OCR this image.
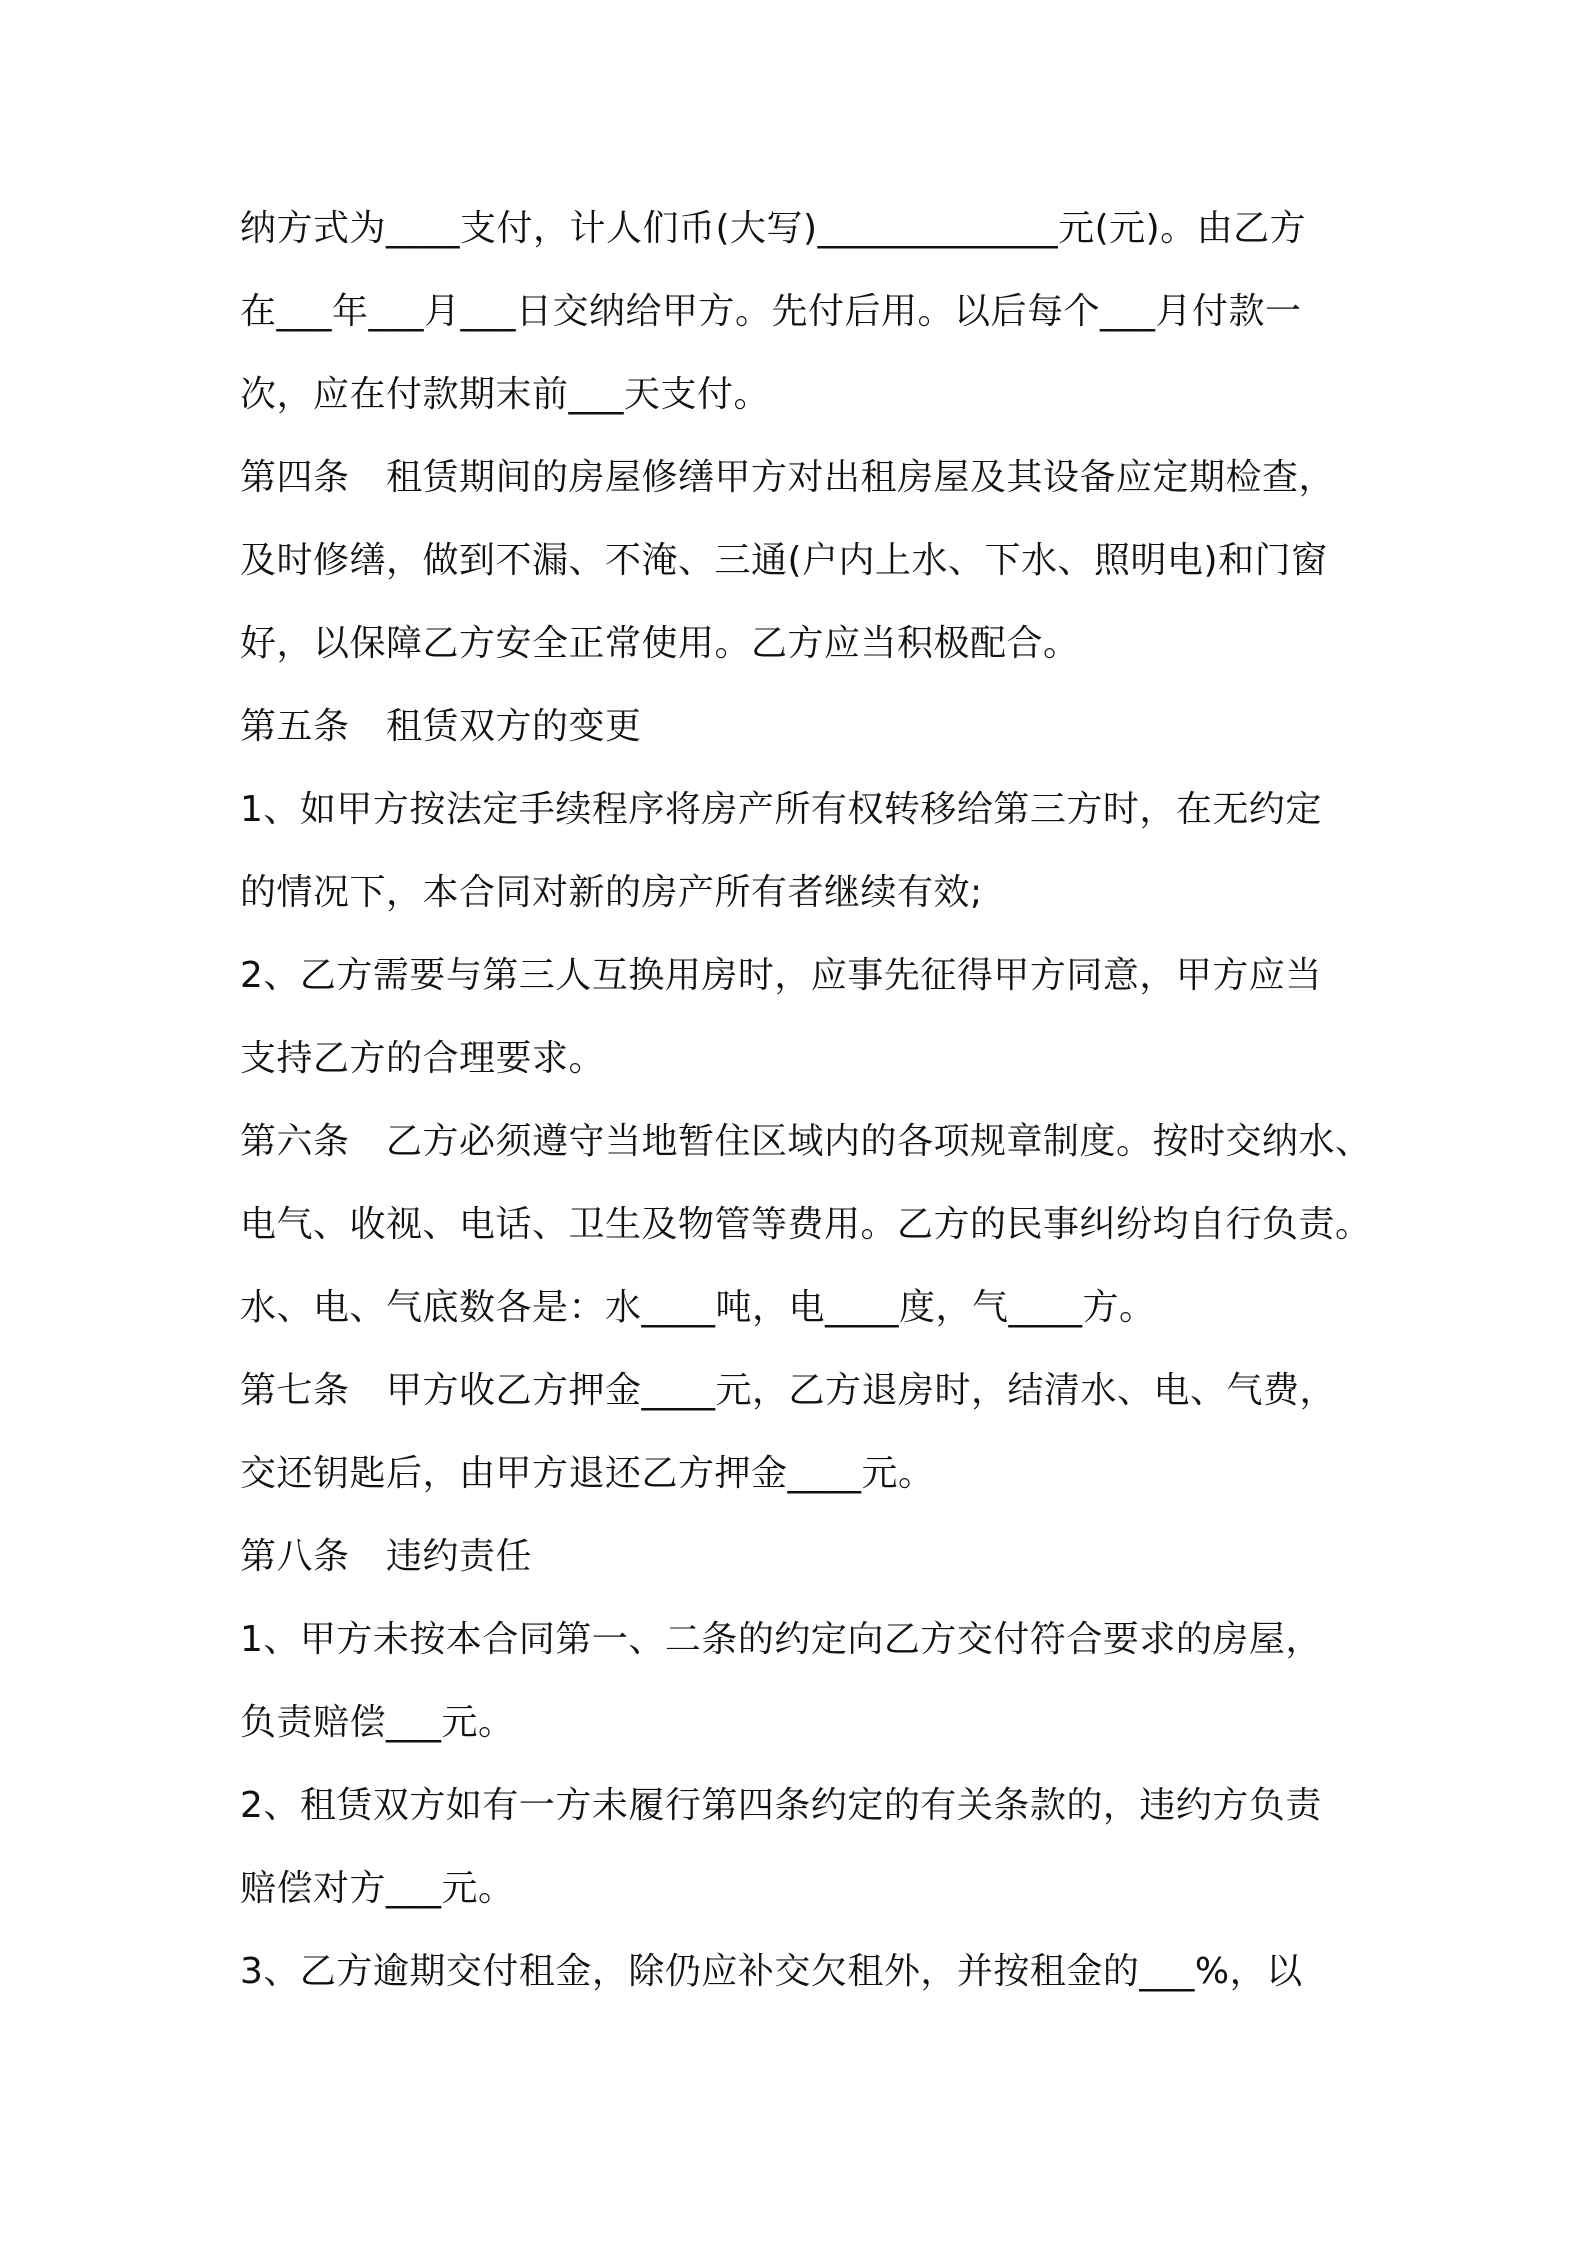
纳方式为____支付，计人们币(大写)_____________元(元)。由乙方
在___年___月___日交纳给甲方。先付后用。以后每个___月付款一
次，应在付款期末前___天支付。
第四条　租赁期间的房屋修缮甲方对出租房屋及其设备应定期检查，
及时修缮，做到不漏、不淹、三通(户内上水、下水、照明电)和门窗
好，以保障乙方安全正常使用。乙方应当积极配合。
第五条　租赁双方的变更
1、如甲方按法定手续程序将房产所有权转移给第三方时，在无约定
的情况下，本合同对新的房产所有者继续有效;
2、乙方需要与第三人互换用房时，应事先征得甲方同意，甲方应当
支持乙方的合理要求。
第六条　乙方必须遵守当地暂住区域内的各项规章制度。按时交纳水、
电气、收视、电话、卫生及物管等费用。乙方的民事纠纷均自行负责。
水、电、气底数各是：水____吨，电____度，气____方。
第七条　甲方收乙方押金____元，乙方退房时，结清水、电、气费，
交还钥匙后，由甲方退还乙方押金____元。
第八条　违约责任
1、甲方未按本合同第一、二条的约定向乙方交付符合要求的房屋，
负责赔偿___元。
2、租赁双方如有一方未履行第四条约定的有关条款的，违约方负责
赔偿对方___元。
3、乙方逾期交付租金，除仍应补交欠租外，并按租金的___%，以
